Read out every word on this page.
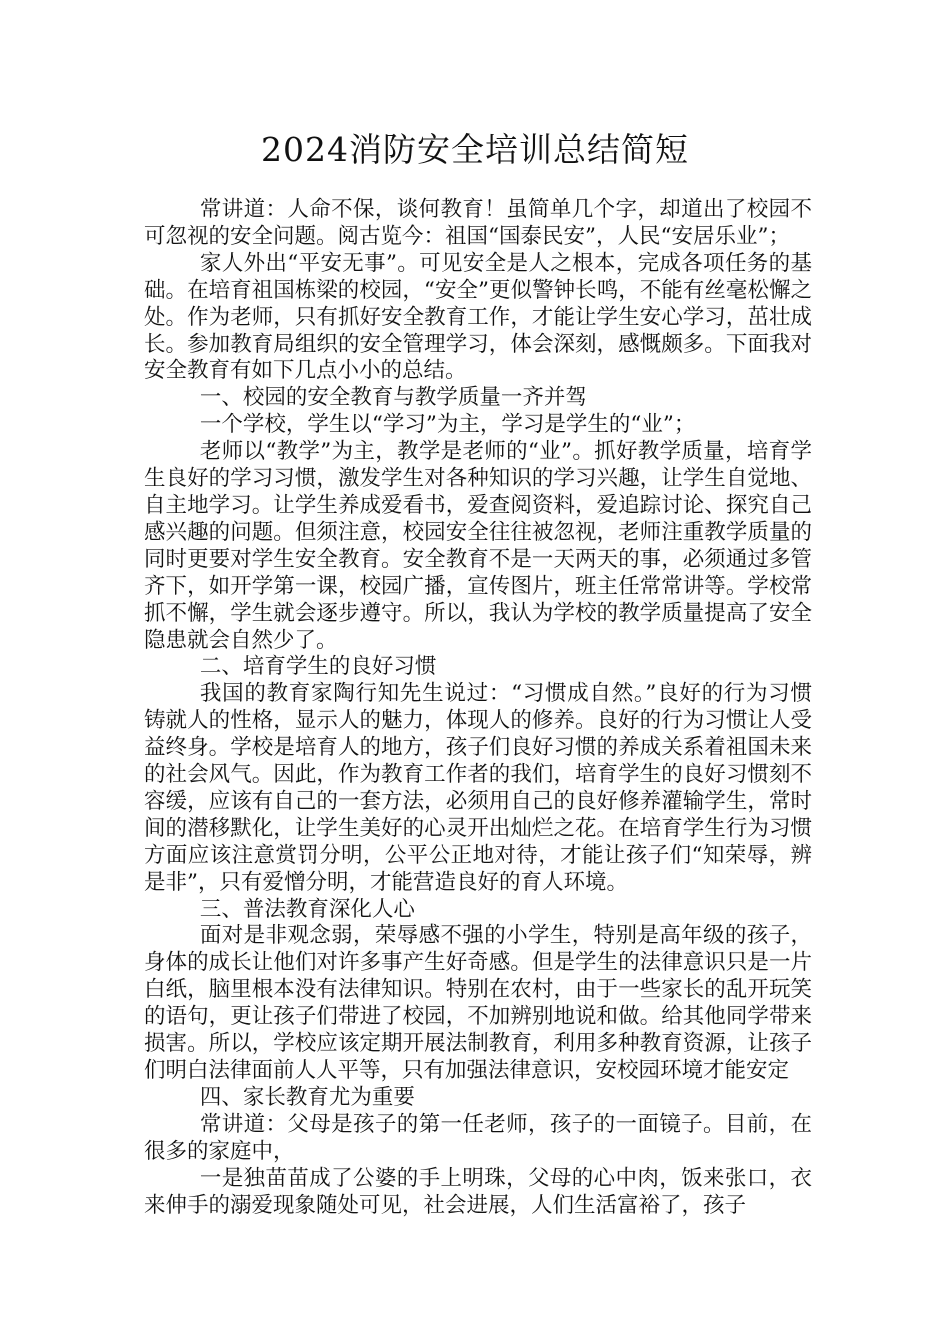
2024消防安全培训总结简短

常讲道：人命不保，谈何教育！虽简单几个字，却道出了校园不可忽视的安全问题。阅古览今：祖国“国泰民安”，人民“安居乐业”；

家人外出“平安无事”。可见安全是人之根本，完成各项任务的基础。在培育祖国栋梁的校园，“安全”更似警钟长鸣，不能有丝毫松懈之处。作为老师，只有抓好安全教育工作，才能让学生安心学习，茁壮成长。参加教育局组织的安全管理学习，体会深刻，感慨颇多。下面我对安全教育有如下几点小小的总结。

一、校园的安全教育与教学质量一齐并驾

一个学校，学生以“学习”为主，学习是学生的“业”；

老师以“教学”为主，教学是老师的“业”。抓好教学质量，培育学生良好的学习习惯，激发学生对各种知识的学习兴趣，让学生自觉地、自主地学习。让学生养成爱看书，爱查阅资料，爱追踪讨论、探究自己感兴趣的问题。但须注意，校园安全往往被忽视，老师注重教学质量的同时更要对学生安全教育。安全教育不是一天两天的事，必须通过多管齐下，如开学第一课，校园广播，宣传图片，班主任常常讲等。学校常抓不懈，学生就会逐步遵守。所以，我认为学校的教学质量提高了安全隐患就会自然少了。

二、培育学生的良好习惯

我国的教育家陶行知先生说过：“习惯成自然。”良好的行为习惯铸就人的性格，显示人的魅力，体现人的修养。良好的行为习惯让人受益终身。学校是培育人的地方，孩子们良好习惯的养成关系着祖国未来的社会风气。因此，作为教育工作者的我们，培育学生的良好习惯刻不容缓，应该有自己的一套方法，必须用自己的良好修养灌输学生，常时间的潜移默化，让学生美好的心灵开出灿烂之花。在培育学生行为习惯方面应该注意赏罚分明，公平公正地对待，才能让孩子们“知荣辱，辨是非”，只有爱憎分明，才能营造良好的育人环境。

三、普法教育深化人心

面对是非观念弱，荣辱感不强的小学生，特别是高年级的孩子，身体的成长让他们对许多事产生好奇感。但是学生的法律意识只是一片白纸，脑里根本没有法律知识。特别在农村，由于一些家长的乱开玩笑的语句，更让孩子们带进了校园，不加辨别地说和做。给其他同学带来损害。所以，学校应该定期开展法制教育，利用多种教育资源，让孩子们明白法律面前人人平等，只有加强法律意识，安校园环境才能安定

四、家长教育尤为重要

常讲道：父母是孩子的第一任老师，孩子的一面镜子。目前，在很多的家庭中，

一是独苗苗成了公婆的手上明珠，父母的心中肉，饭来张口，衣来伸手的溺爱现象随处可见，社会进展，人们生活富裕了，孩子
